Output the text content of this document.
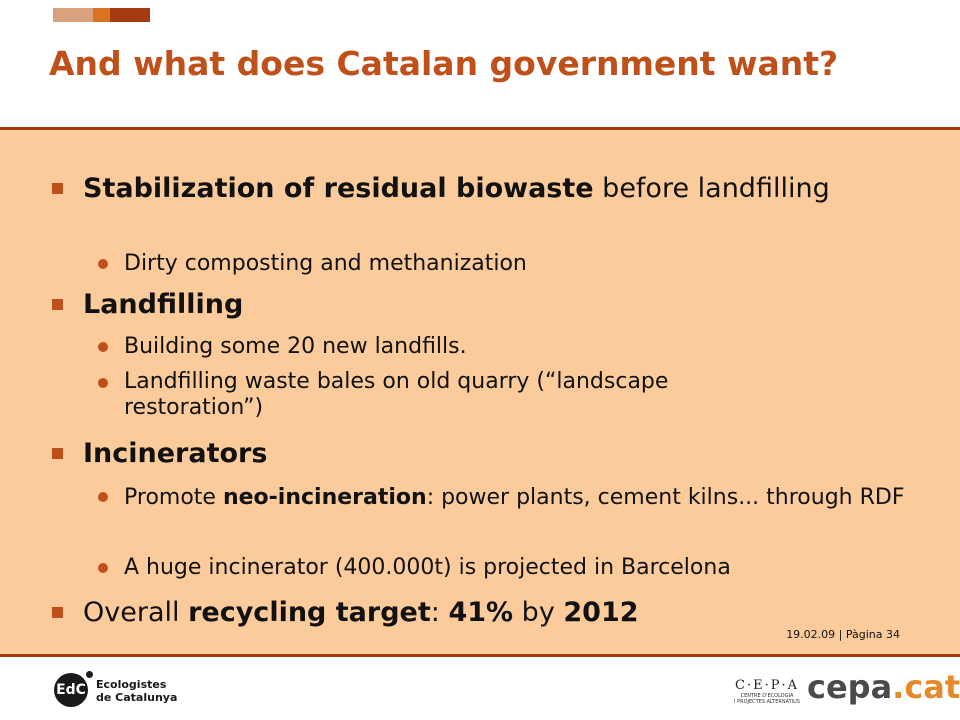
And what does Catalan government want?
Stabilization of residual biowaste before landfilling
Dirty composting and methanization
Landfilling
Building some 20 new landfills.
Landfilling waste bales on old quarry (“landscape restoration”)
Incinerators
Promote neo-incineration: power plants, cement kilns... through RDF
A huge incinerator (400.000t) is projected in Barcelona
Overall recycling target: 41% by 2012
19.02.09 | Pàgina 34
EdC Ecologistes
de Catalunya
C·E·P·A
CENTRE D'ECOLOGIA
I PROJECTES ALTERNATIUS cepa.cat
